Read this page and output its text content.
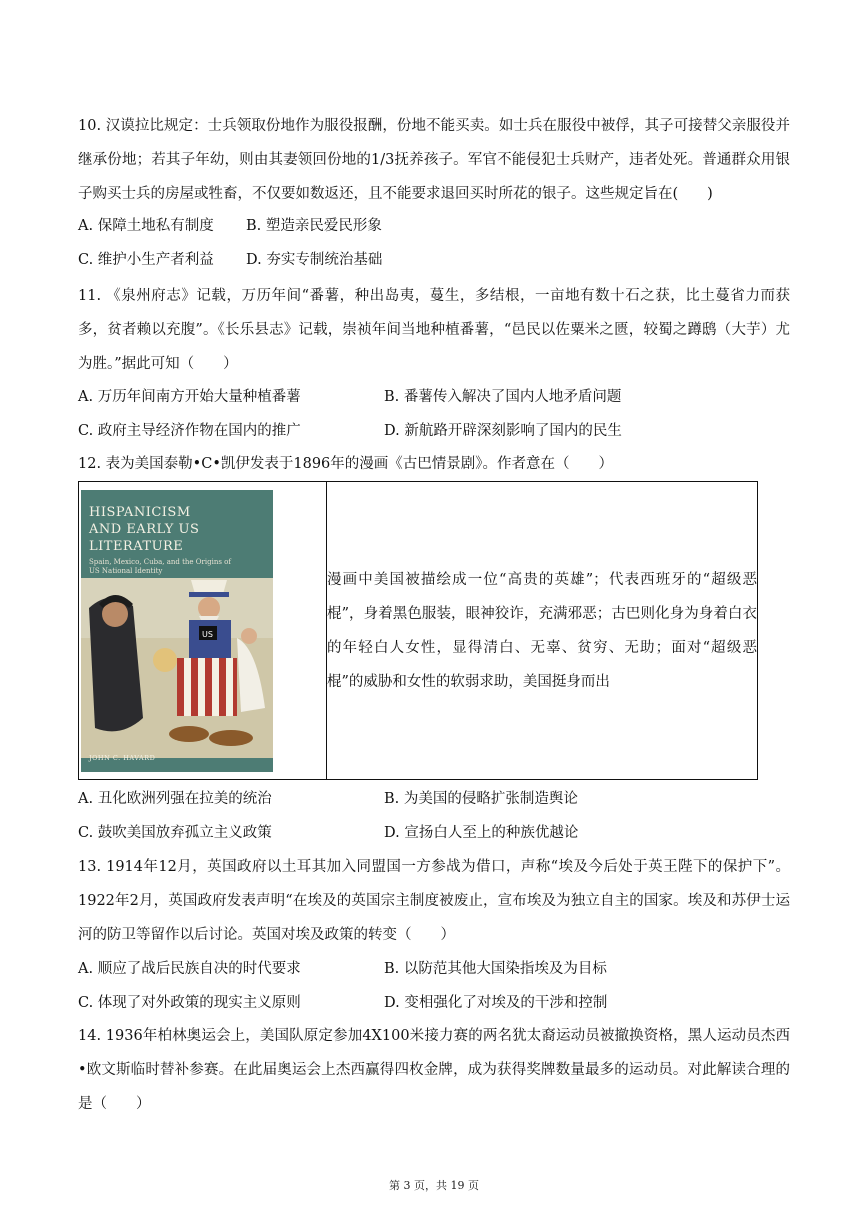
10. 汉谟拉比规定：士兵领取份地作为服役报酬，份地不能买卖。如士兵在服役中被俘，其子可接替父亲服役并继承份地；若其子年幼，则由其妻领回份地的1/3抚养孩子。军官不能侵犯士兵财产，违者处死。普通群众用银子购买士兵的房屋或牲畜，不仅要如数返还，且不能要求退回买时所花的银子。这些规定旨在(　　)
A. 保障土地私有制度 B. 塑造亲民爱民形象
C. 维护小生产者利益 D. 夯实专制统治基础
11. 《泉州府志》记载，万历年间“番薯，种出岛夷，蔓生，多结根，一亩地有数十石之获，比土蔓省力而获多，贫者赖以充腹”。《长乐县志》记载，崇祯年间当地种植番薯，“邑民以佐粟米之匮，较蜀之蹲鸱（大芋）尤为胜。”据此可知（　　）
A. 万历年间南方开始大量种植番薯	B. 番薯传入解决了国内人地矛盾问题
C. 政府主导经济作物在国内的推广	D. 新航路开辟深刻影响了国内的民生
12. 表为美国泰勒•C•凯伊发表于1896年的漫画《古巴情景剧》。作者意在（　　）
HISPANICISM
AND EARLY US
LITERATURE
Spain, Mexico, Cuba, and the Origins of US National Identity
US
JOHN C. HAVARD
	漫画中美国被描绘成一位“高贵的英雄”；代表西班牙的“超级恶棍”，身着黑色服装，眼神狡诈，充满邪恶；古巴则化身为身着白衣的年轻白人女性，显得清白、无辜、贫穷、无助；面对“超级恶棍”的威胁和女性的软弱求助，美国挺身而出
A. 丑化欧洲列强在拉美的统治	B. 为美国的侵略扩张制造舆论
C. 鼓吹美国放弃孤立主义政策	D. 宣扬白人至上的种族优越论
13. 1914年12月，英国政府以土耳其加入同盟国一方参战为借口，声称“埃及今后处于英王陛下的保护下”。1922年2月，英国政府发表声明“在埃及的英国宗主制度被废止，宣布埃及为独立自主的国家。埃及和苏伊士运河的防卫等留作以后讨论。英国对埃及政策的转变（　　）
A. 顺应了战后民族自决的时代要求	B. 以防范其他大国染指埃及为目标
C. 体现了对外政策的现实主义原则	D. 变相强化了对埃及的干涉和控制
14. 1936年柏林奥运会上，美国队原定参加4X100米接力赛的两名犹太裔运动员被撤换资格，黑人运动员杰西•欧文斯临时替补参赛。在此届奥运会上杰西赢得四枚金牌，成为获得奖牌数量最多的运动员。对此解读合理的是（　　）
第 3 页，共 19 页
